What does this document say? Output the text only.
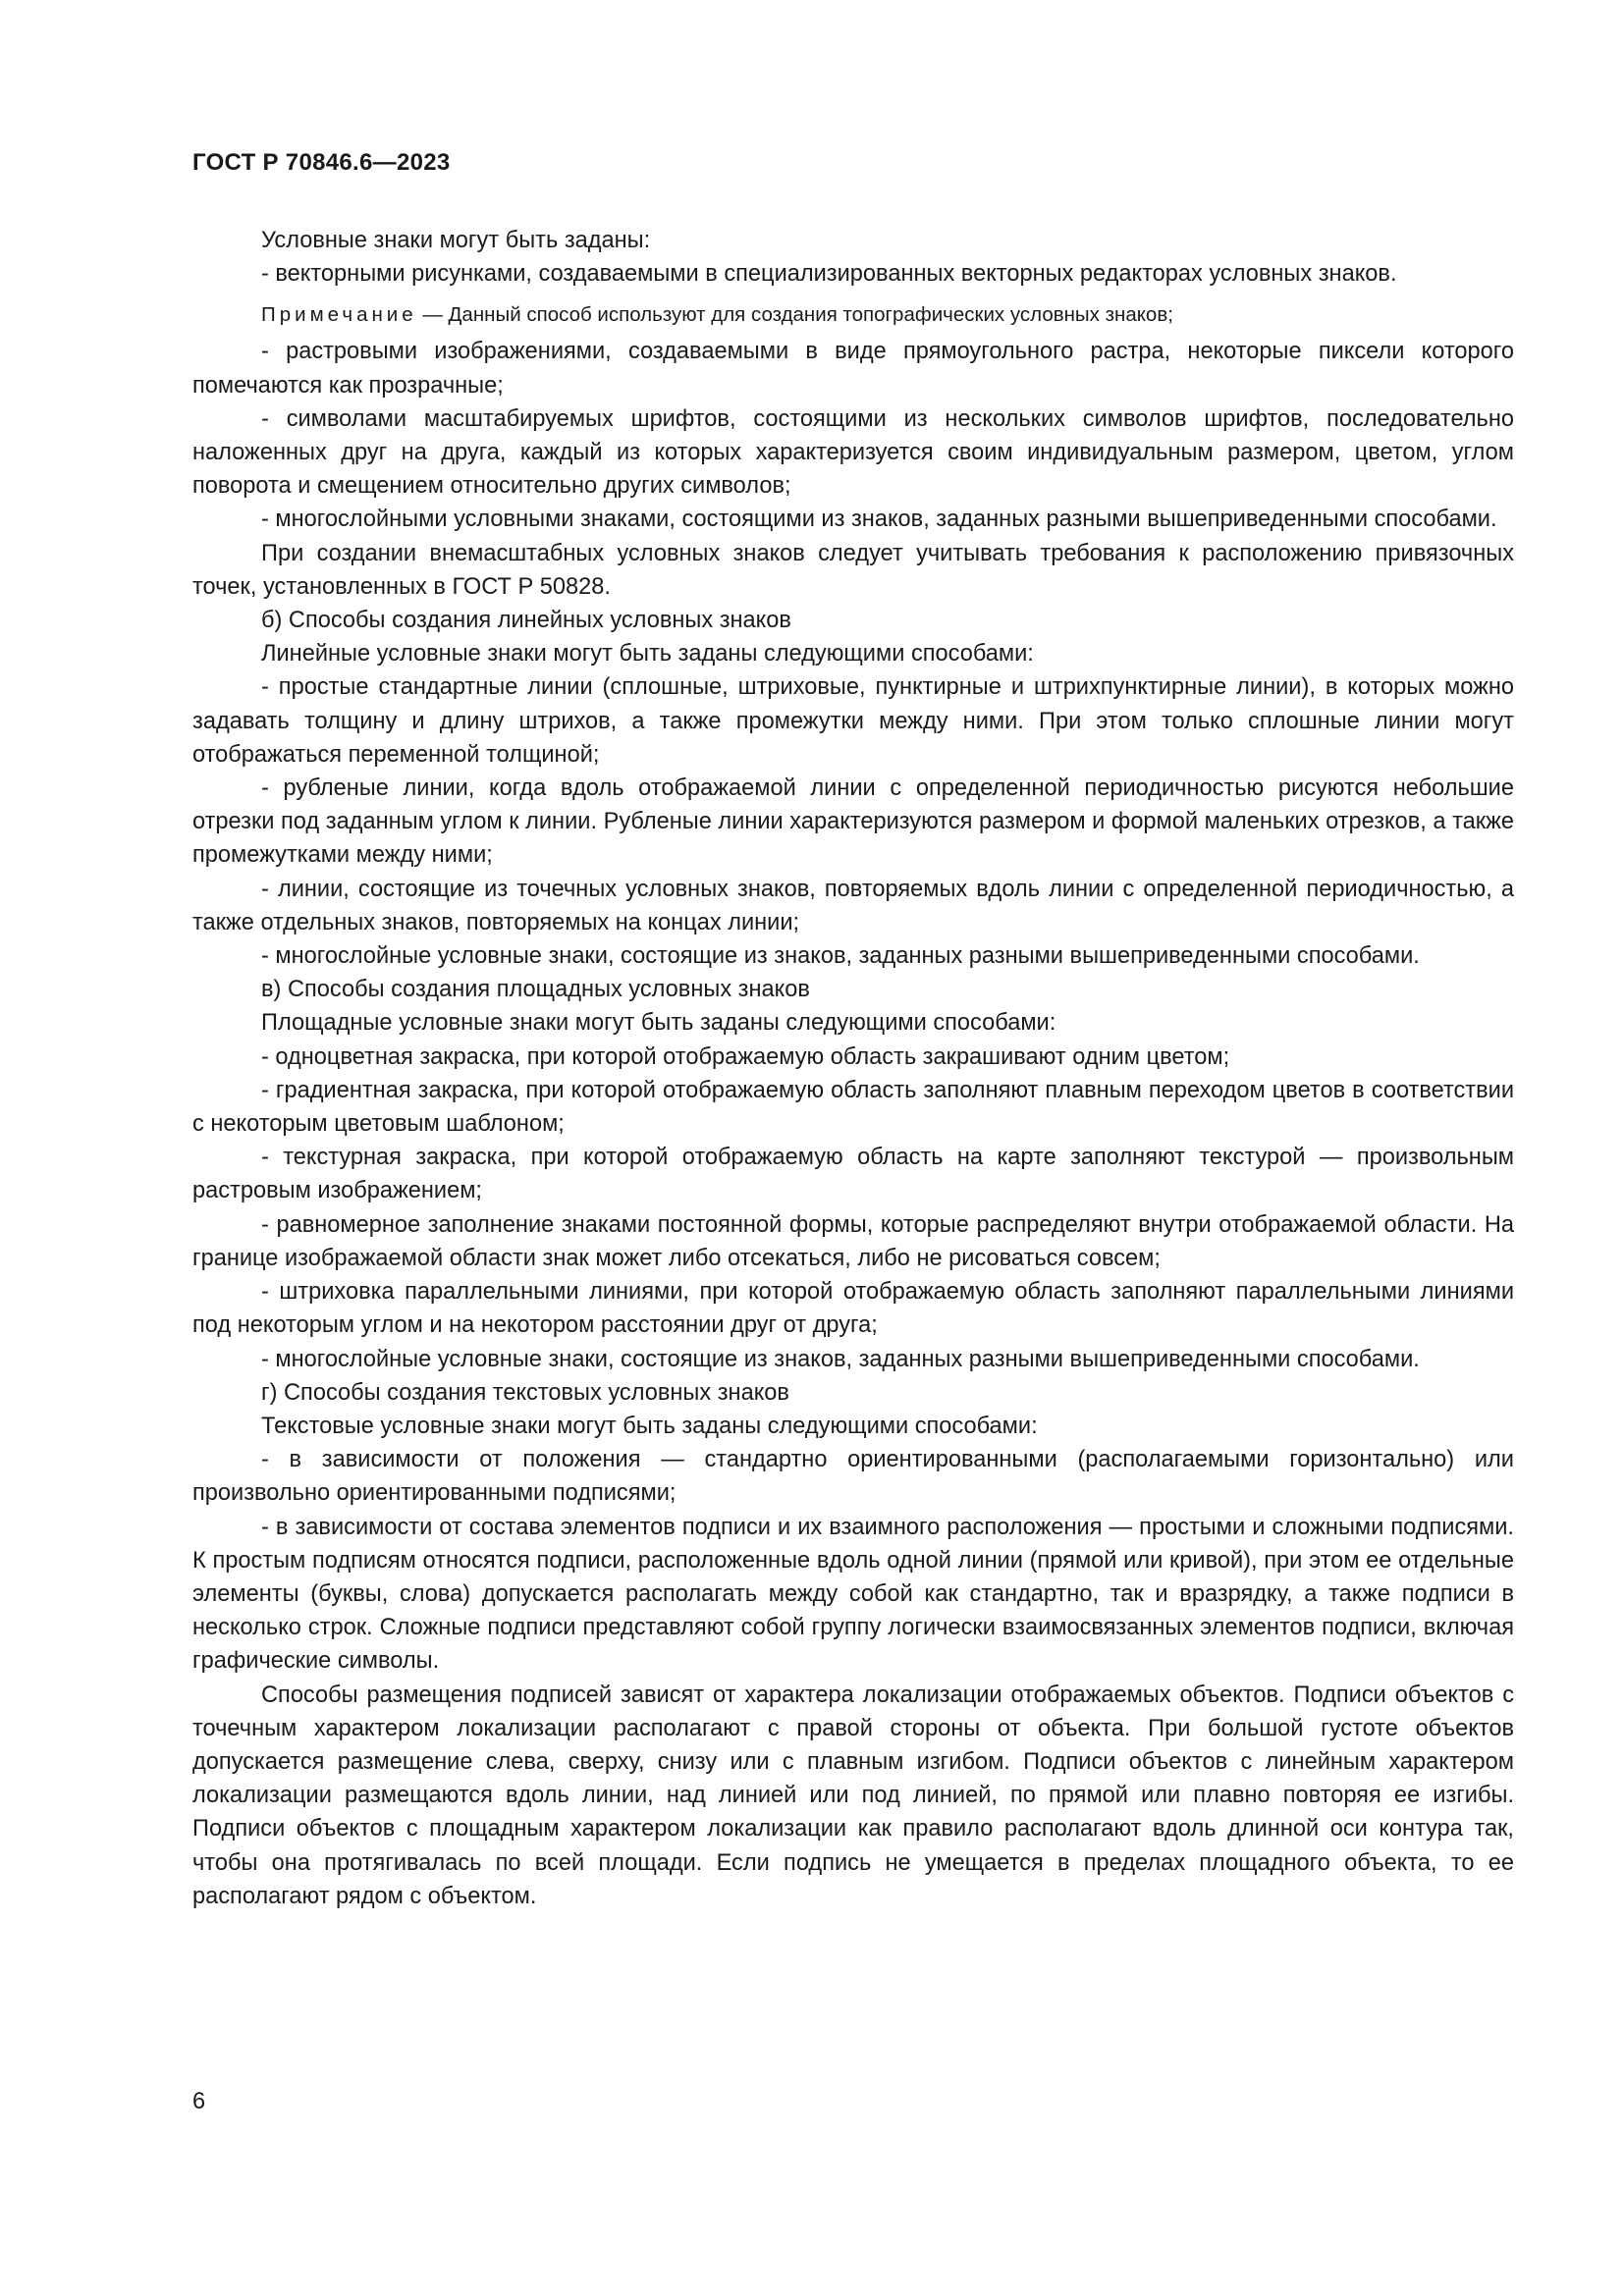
ГОСТ Р 70846.6—2023

Условные знаки могут быть заданы:

- векторными рисунками, создаваемыми в специализированных векторных редакторах условных знаков.

Примечание — Данный способ используют для создания топографических условных знаков;

- растровыми изображениями, создаваемыми в виде прямоугольного растра, некоторые пиксели которого помечаются как прозрачные;

- символами масштабируемых шрифтов, состоящими из нескольких символов шрифтов, последовательно наложенных друг на друга, каждый из которых характеризуется своим индивидуальным размером, цветом, углом поворота и смещением относительно других символов;

- многослойными условными знаками, состоящими из знаков, заданных разными вышеприведенными способами.

При создании внемасштабных условных знаков следует учитывать требования к расположению привязочных точек, установленных в ГОСТ Р 50828.

б) Способы создания линейных условных знаков

Линейные условные знаки могут быть заданы следующими способами:

- простые стандартные линии (сплошные, штриховые, пунктирные и штрихпунктирные линии), в которых можно задавать толщину и длину штрихов, а также промежутки между ними. При этом только сплошные линии могут отображаться переменной толщиной;

- рубленые линии, когда вдоль отображаемой линии с определенной периодичностью рисуются небольшие отрезки под заданным углом к линии. Рубленые линии характеризуются размером и формой маленьких отрезков, а также промежутками между ними;

- линии, состоящие из точечных условных знаков, повторяемых вдоль линии с определенной периодичностью, а также отдельных знаков, повторяемых на концах линии;

- многослойные условные знаки, состоящие из знаков, заданных разными вышеприведенными способами.

в) Способы создания площадных условных знаков

Площадные условные знаки могут быть заданы следующими способами:

- одноцветная закраска, при которой отображаемую область закрашивают одним цветом;

- градиентная закраска, при которой отображаемую область заполняют плавным переходом цветов в соответствии с некоторым цветовым шаблоном;

- текстурная закраска, при которой отображаемую область на карте заполняют текстурой — произвольным растровым изображением;

- равномерное заполнение знаками постоянной формы, которые распределяют внутри отображаемой области. На границе изображаемой области знак может либо отсекаться, либо не рисоваться совсем;

- штриховка параллельными линиями, при которой отображаемую область заполняют параллельными линиями под некоторым углом и на некотором расстоянии друг от друга;

- многослойные условные знаки, состоящие из знаков, заданных разными вышеприведенными способами.

г) Способы создания текстовых условных знаков

Текстовые условные знаки могут быть заданы следующими способами:

- в зависимости от положения — стандартно ориентированными (располагаемыми горизонтально) или произвольно ориентированными подписями;

- в зависимости от состава элементов подписи и их взаимного расположения — простыми и сложными подписями. К простым подписям относятся подписи, расположенные вдоль одной линии (прямой или кривой), при этом ее отдельные элементы (буквы, слова) допускается располагать между собой как стандартно, так и вразрядку, а также подписи в несколько строк. Сложные подписи представляют собой группу логически взаимосвязанных элементов подписи, включая графические символы.

Способы размещения подписей зависят от характера локализации отображаемых объектов. Подписи объектов с точечным характером локализации располагают с правой стороны от объекта. При большой густоте объектов допускается размещение слева, сверху, снизу или с плавным изгибом. Подписи объектов с линейным характером локализации размещаются вдоль линии, над линией или под линией, по прямой или плавно повторяя ее изгибы. Подписи объектов с площадным характером локализации как правило располагают вдоль длинной оси контура так, чтобы она протягивалась по всей площади. Если подпись не умещается в пределах площадного объекта, то ее располагают рядом с объектом.

6
